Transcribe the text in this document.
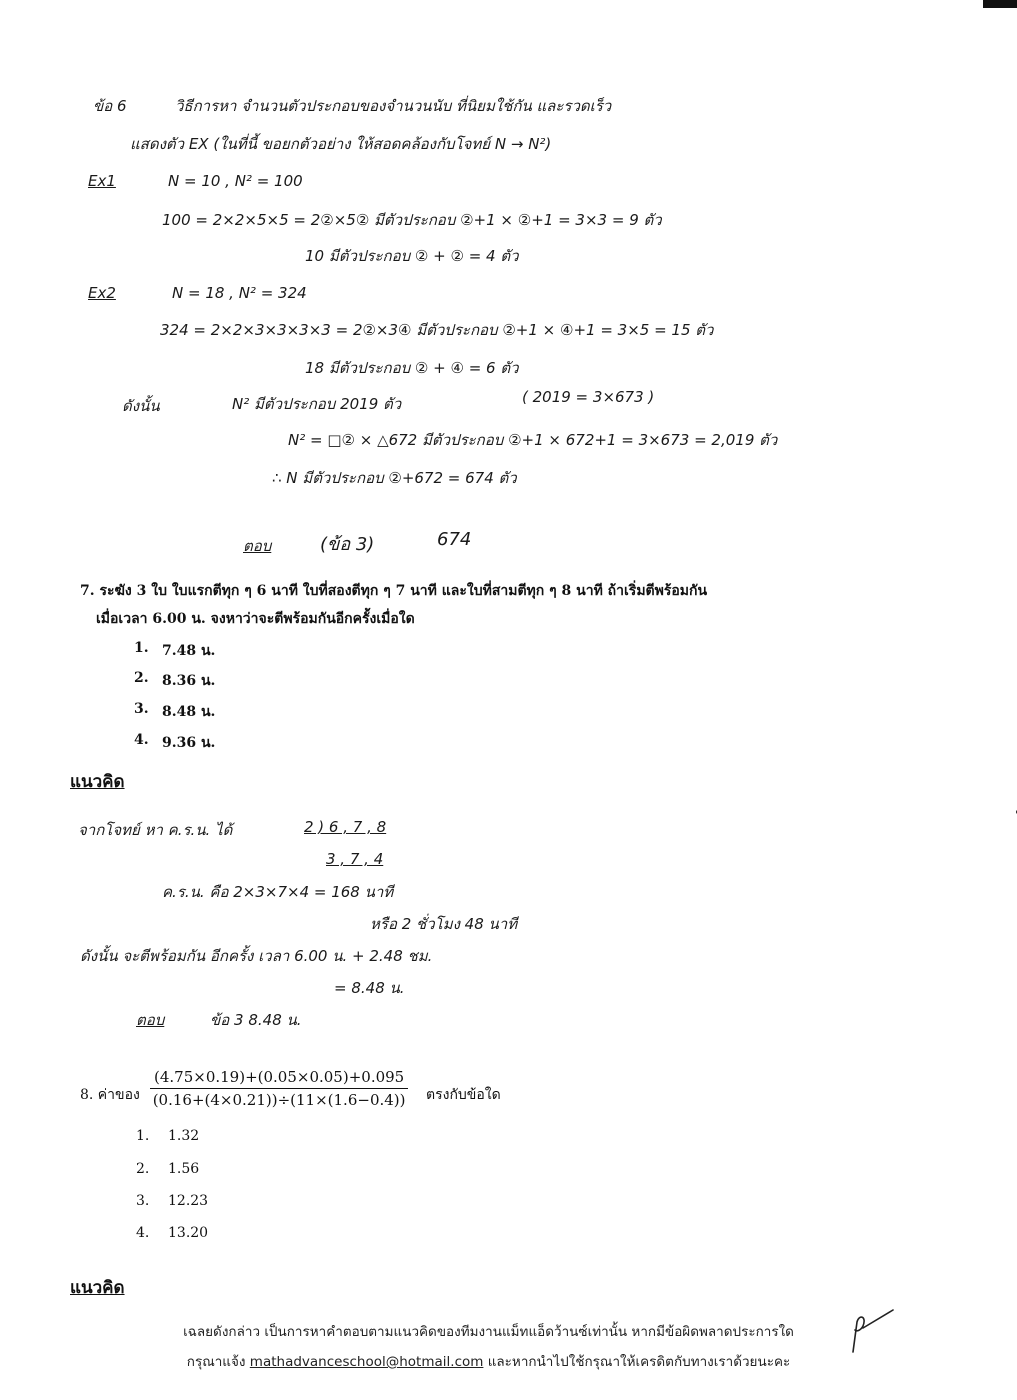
ข้อ 6	วิธีการหา จำนวนตัวประกอบของจำนวนนับ ที่นิยมใช้กัน และรวดเร็ว
แสดงตัว EX (ในที่นี้ ขอยกตัวอย่าง ให้สอดคล้องกับโจทย์ N → N²)
Ex1	N = 10 , N² = 100
100 = 2×2×5×5 = 2②×5② มีตัวประกอบ ②+1 × ②+1 = 3×3 = 9 ตัว
10 มีตัวประกอบ ② + ② = 4 ตัว
Ex2	N = 18 , N² = 324
324 = 2×2×3×3×3×3 = 2②×3④ มีตัวประกอบ ②+1 × ④+1 = 3×5 = 15 ตัว
18 มีตัวประกอบ ② + ④ = 6 ตัว
ดังนั้น	N² มีตัวประกอบ 2019 ตัว	( 2019 = 3×673 )
N² = □② × △672 มีตัวประกอบ ②+1 × 672+1 = 3×673 = 2,019 ตัว
∴ N มีตัวประกอบ ②+672 = 674 ตัว
ตอบ	(ข้อ 3)	674
7. ระฆัง 3 ใบ ใบแรกตีทุก ๆ 6 นาที ใบที่สองตีทุก ๆ 7 นาที และใบที่สามตีทุก ๆ 8 นาที ถ้าเริ่มตีพร้อมกัน
เมื่อเวลา 6.00 น. จงหาว่าจะตีพร้อมกันอีกครั้งเมื่อใด
1. 7.48 น.
2. 8.36 น.
3. 8.48 น.
4. 9.36 น.
แนวคิด
จากโจทย์ หา ค.ร.น. ได้	2 ) 6 , 7 , 8
3 , 7 , 4
ค.ร.น. คือ 2×3×7×4 = 168 นาที
หรือ 2 ชั่วโมง 48 นาที
ดังนั้น จะตีพร้อมกัน อีกครั้ง เวลา 6.00 น. + 2.48 ชม.
= 8.48 น.
ตอบ	ข้อ 3 8.48 น.
8. ค่าของ
(4.75×0.19)+(0.05×0.05)+0.095
(0.16+(4×0.21))÷(11×(1.6−0.4)) ตรงกับข้อใด
1. 1.32
2. 1.56
3. 12.23
4. 13.20
แนวคิด
เฉลยดังกล่าว เป็นการหาคำตอบตามแนวคิดของทีมงานแม็ทแอ็ดว้านซ์เท่านั้น หากมีข้อผิดพลาดประการใด
กรุณาแจ้ง mathadvanceschool@hotmail.com และหากนำไปใช้กรุณาให้เครดิตกับทางเราด้วยนะคะ
